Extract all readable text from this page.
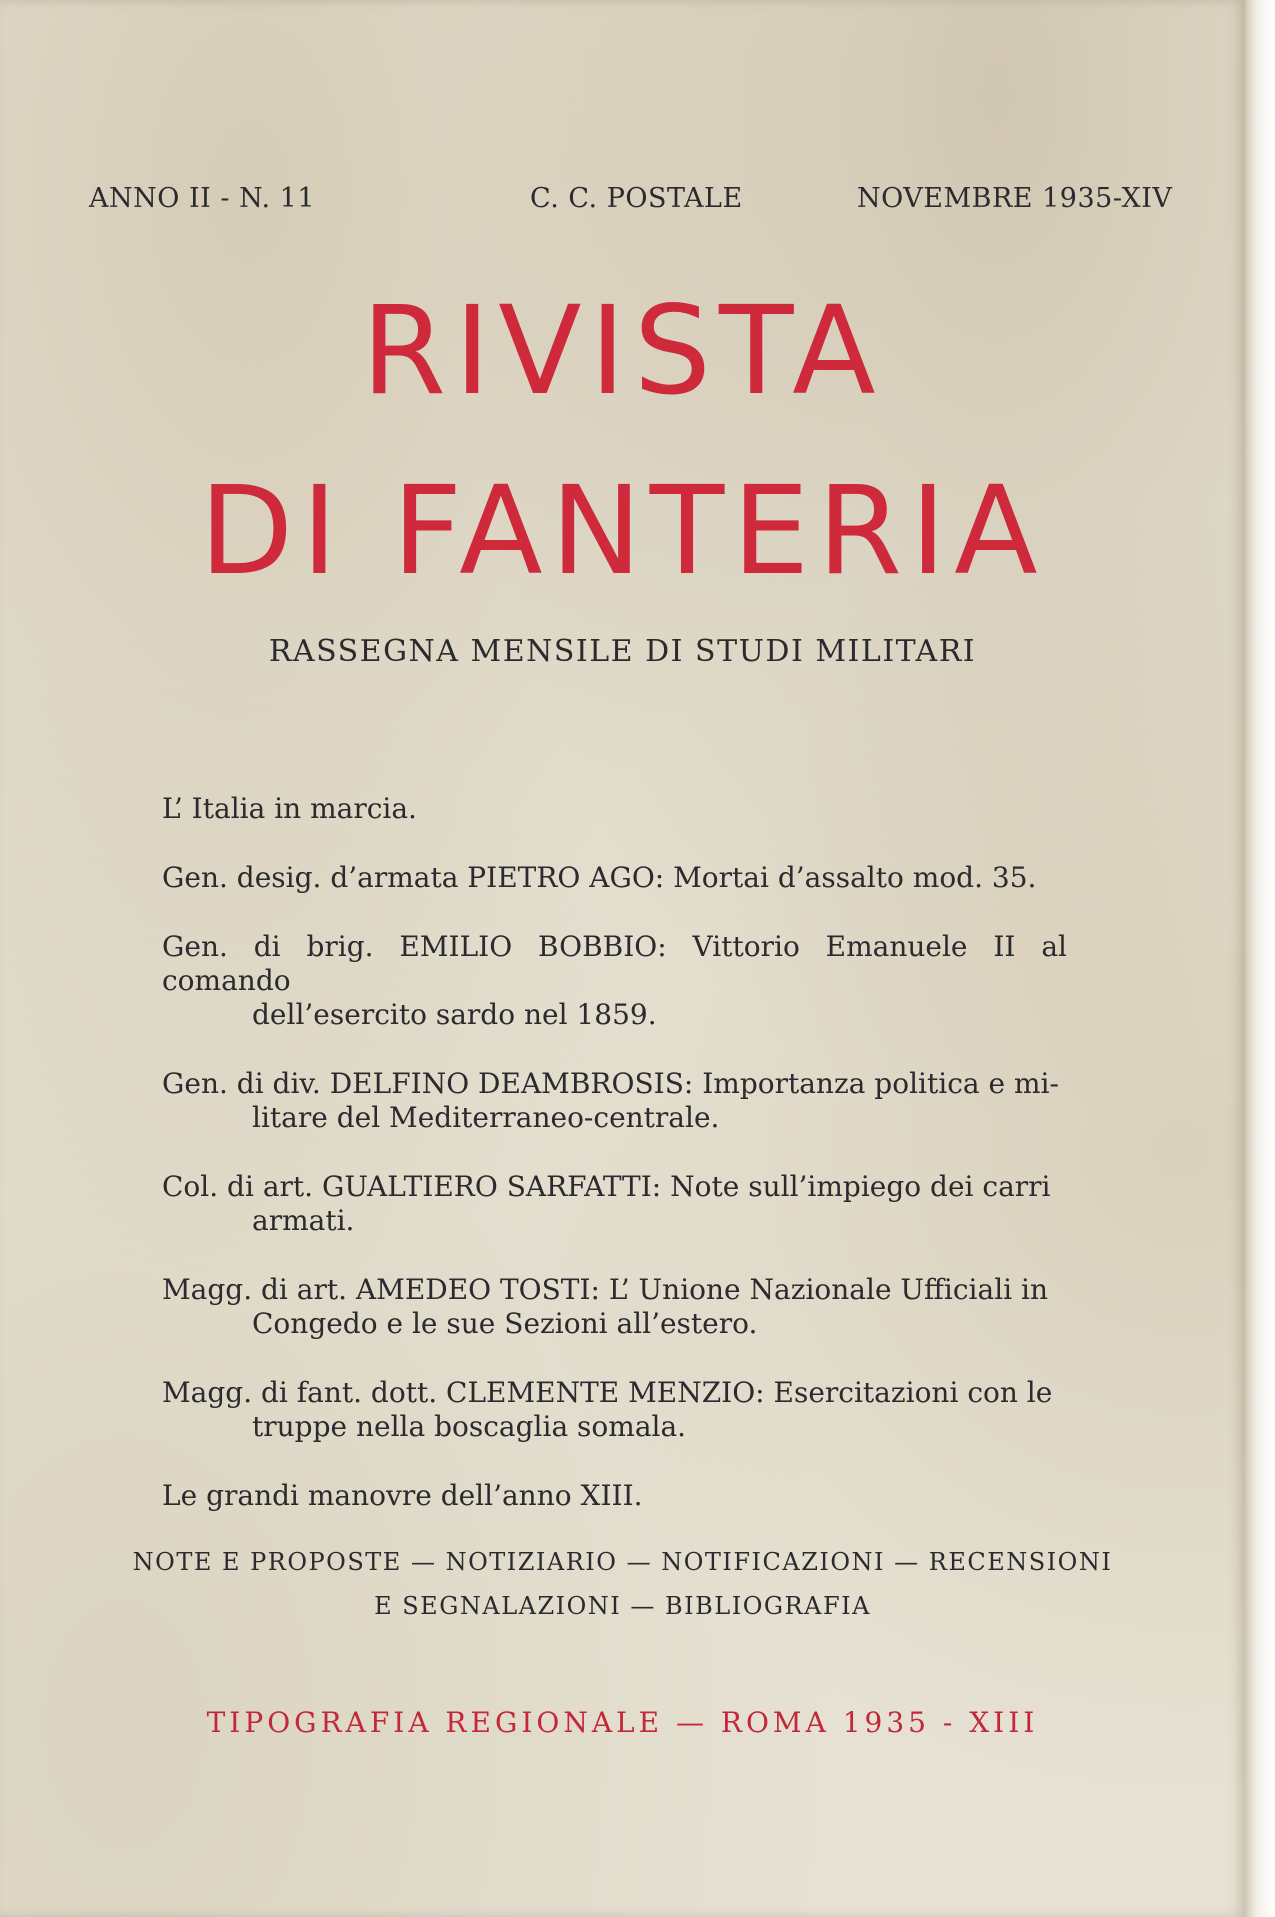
ANNO II - N. 11	C. C. POSTALE	NOVEMBRE 1935-XIV
RIVISTA
DI FANTERIA
RASSEGNA MENSILE DI STUDI MILITARI
L’ Italia in marcia.
Gen. desig. d’armata PIETRO AGO: Mortai d’assalto mod. 35.
Gen. di brig. EMILIO BOBBIO: Vittorio Emanuele II al comando
dell’esercito sardo nel 1859.
Gen. di div. DELFINO DEAMBROSIS: Importanza politica e mi-
litare del Mediterraneo-centrale.
Col. di art. GUALTIERO SARFATTI: Note sull’impiego dei carri
armati.
Magg. di art. AMEDEO TOSTI: L’ Unione Nazionale Ufficiali in
Congedo e le sue Sezioni all’estero.
Magg. di fant. dott. CLEMENTE MENZIO: Esercitazioni con le
truppe nella boscaglia somala.
Le grandi manovre dell’anno XIII.
NOTE E PROPOSTE — NOTIZIARIO — NOTIFICAZIONI — RECENSIONI
E SEGNALAZIONI — BIBLIOGRAFIA
TIPOGRAFIA REGIONALE — ROMA 1935 - XIII
